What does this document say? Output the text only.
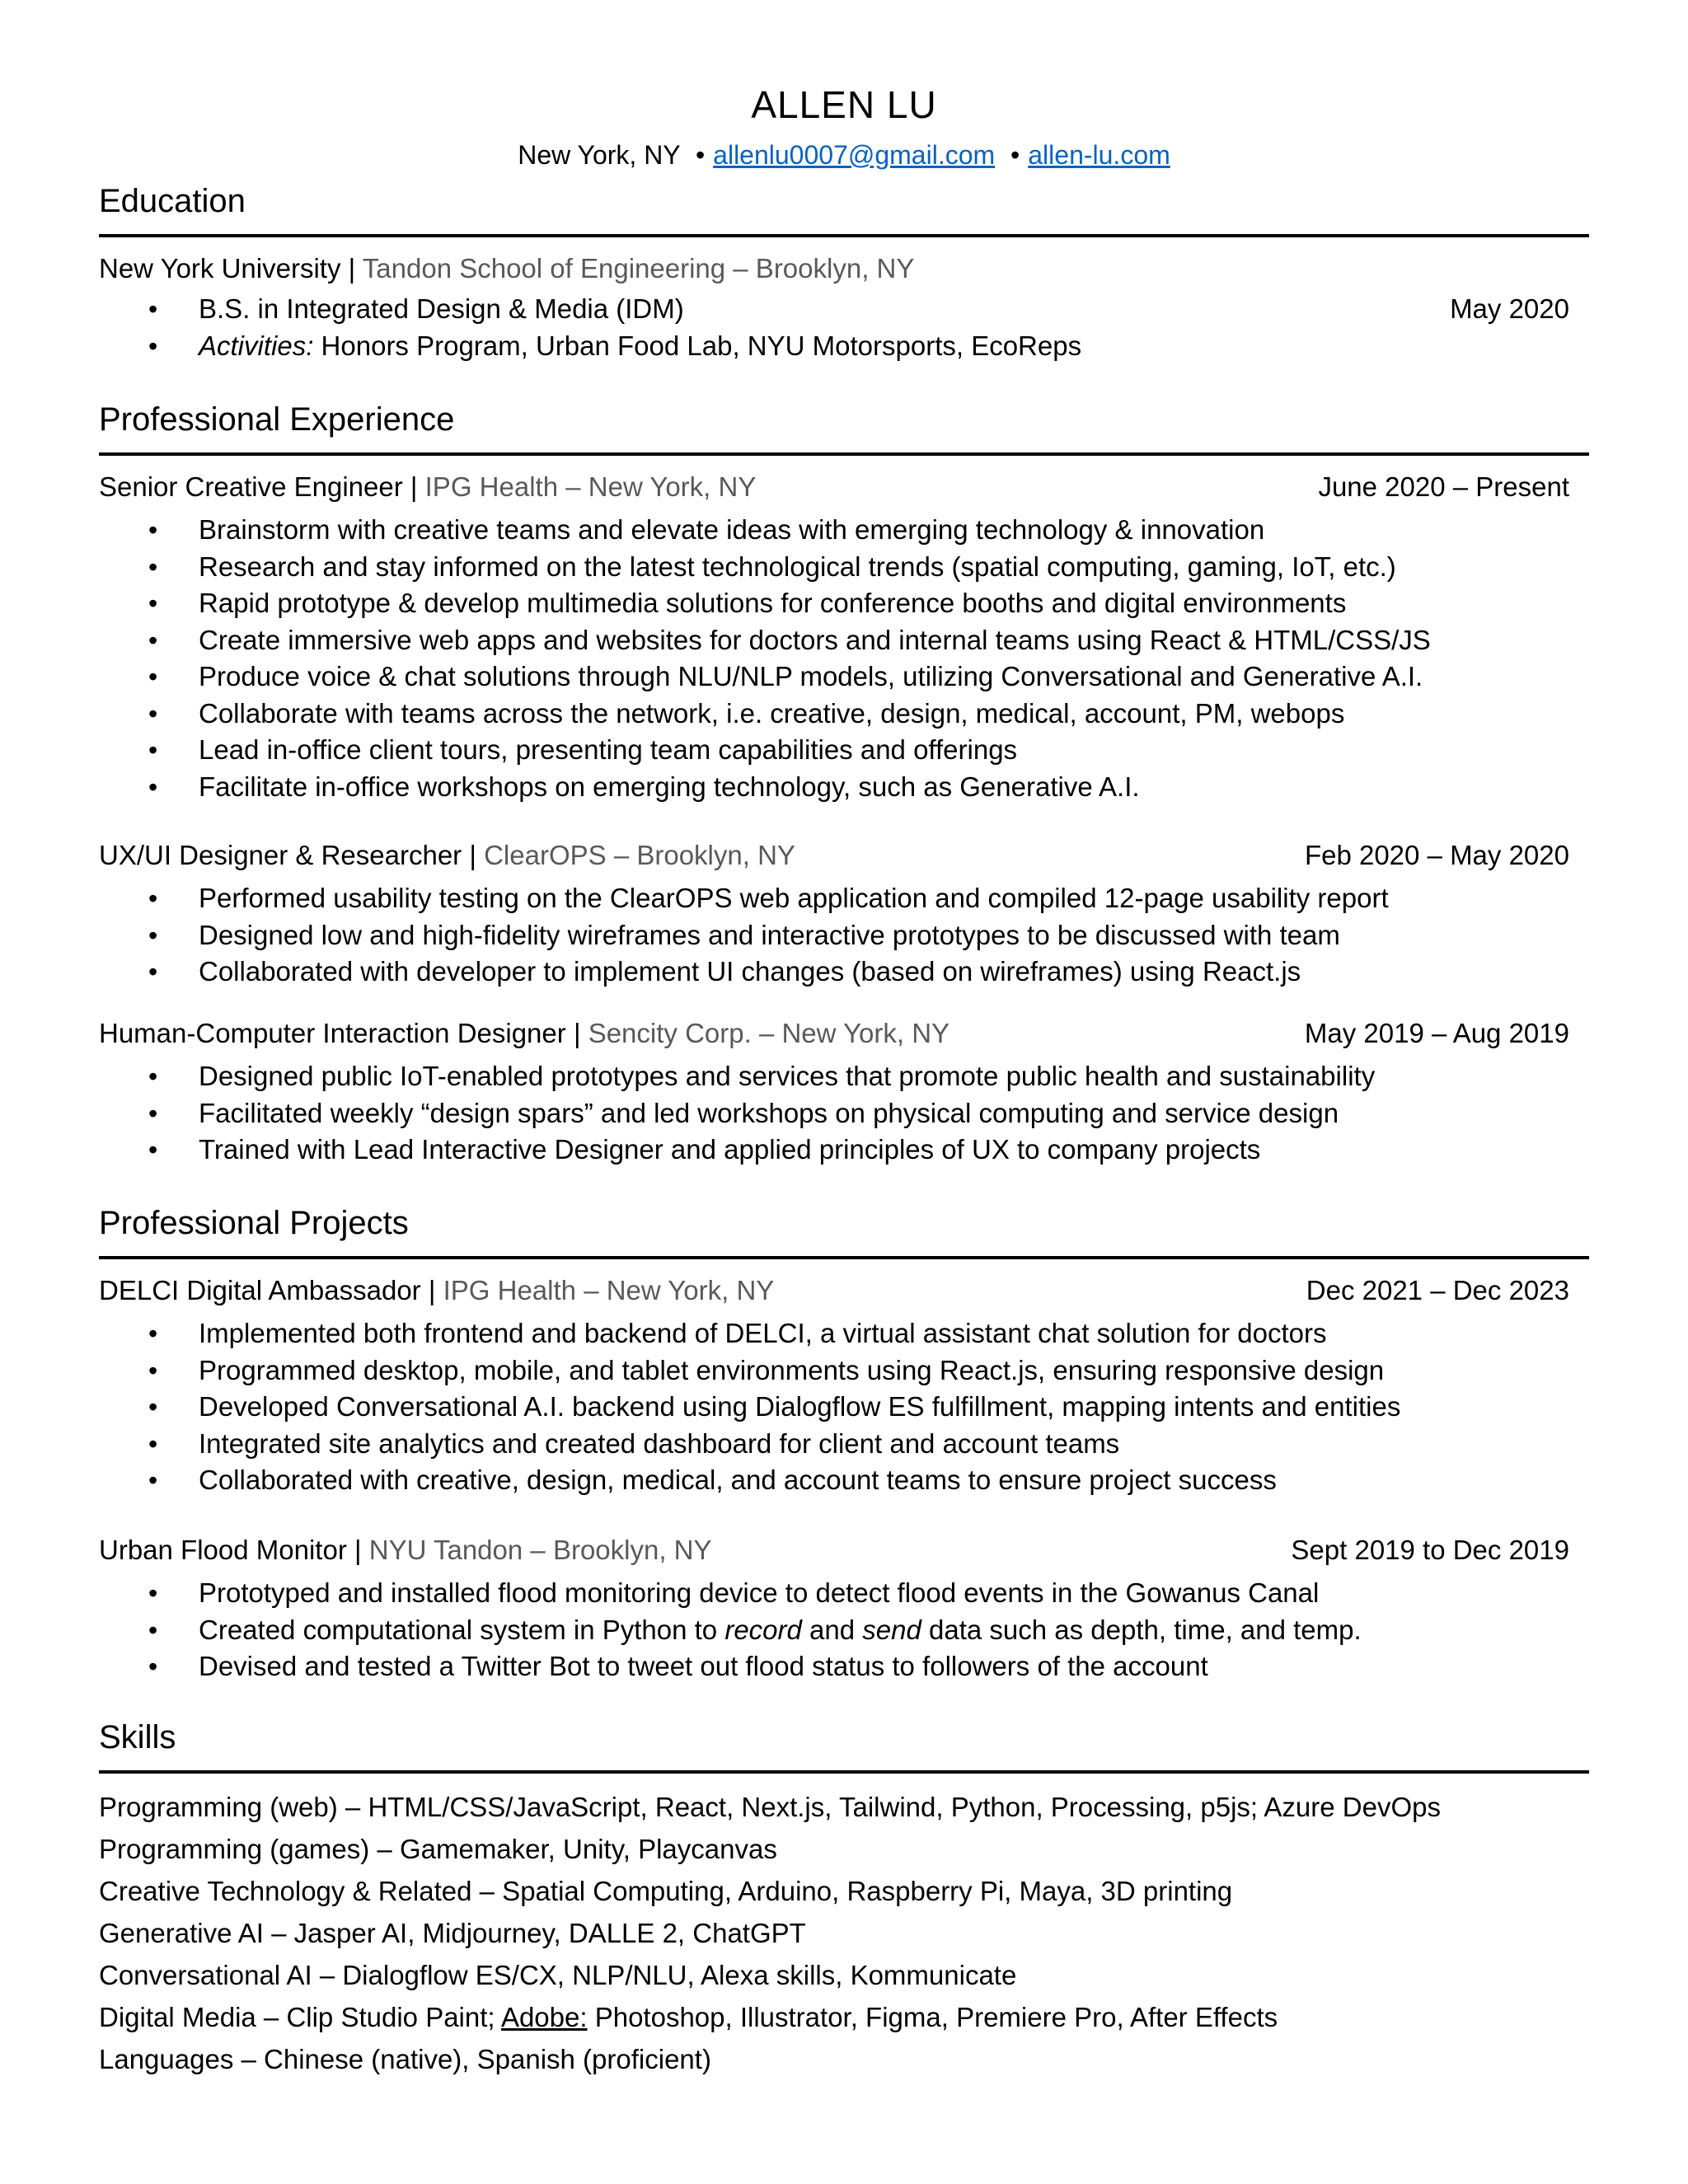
ALLEN LU
New York, NY • allenlu0007@gmail.com • allen-lu.com
Education
New York University | Tandon School of Engineering – Brooklyn, NY
• B.S. in Integrated Design & Media (IDM)	May 2020
• Activities: Honors Program, Urban Food Lab, NYU Motorsports, EcoReps
Professional Experience
Senior Creative Engineer | IPG Health – New York, NY	June 2020 – Present
• Brainstorm with creative teams and elevate ideas with emerging technology & innovation
• Research and stay informed on the latest technological trends (spatial computing, gaming, IoT, etc.)
• Rapid prototype & develop multimedia solutions for conference booths and digital environments
• Create immersive web apps and websites for doctors and internal teams using React & HTML/CSS/JS
• Produce voice & chat solutions through NLU/NLP models, utilizing Conversational and Generative A.I.
• Collaborate with teams across the network, i.e. creative, design, medical, account, PM, webops
• Lead in-office client tours, presenting team capabilities and offerings
• Facilitate in-office workshops on emerging technology, such as Generative A.I.
UX/UI Designer & Researcher | ClearOPS – Brooklyn, NY	Feb 2020 – May 2020
• Performed usability testing on the ClearOPS web application and compiled 12-page usability report
• Designed low and high-fidelity wireframes and interactive prototypes to be discussed with team
• Collaborated with developer to implement UI changes (based on wireframes) using React.js
Human-Computer Interaction Designer | Sencity Corp. – New York, NY	May 2019 – Aug 2019
• Designed public IoT-enabled prototypes and services that promote public health and sustainability
• Facilitated weekly “design spars” and led workshops on physical computing and service design
• Trained with Lead Interactive Designer and applied principles of UX to company projects
Professional Projects
DELCI Digital Ambassador | IPG Health – New York, NY	Dec 2021 – Dec 2023
• Implemented both frontend and backend of DELCI, a virtual assistant chat solution for doctors
• Programmed desktop, mobile, and tablet environments using React.js, ensuring responsive design
• Developed Conversational A.I. backend using Dialogflow ES fulfillment, mapping intents and entities
• Integrated site analytics and created dashboard for client and account teams
• Collaborated with creative, design, medical, and account teams to ensure project success
Urban Flood Monitor | NYU Tandon – Brooklyn, NY	Sept 2019 to Dec 2019
• Prototyped and installed flood monitoring device to detect flood events in the Gowanus Canal
• Created computational system in Python to record and send data such as depth, time, and temp.
• Devised and tested a Twitter Bot to tweet out flood status to followers of the account
Skills
Programming (web) – HTML/CSS/JavaScript, React, Next.js, Tailwind, Python, Processing, p5js; Azure DevOps
Programming (games) – Gamemaker, Unity, Playcanvas
Creative Technology & Related – Spatial Computing, Arduino, Raspberry Pi, Maya, 3D printing
Generative AI – Jasper AI, Midjourney, DALLE 2, ChatGPT
Conversational AI – Dialogflow ES/CX, NLP/NLU, Alexa skills, Kommunicate
Digital Media – Clip Studio Paint; Adobe: Photoshop, Illustrator, Figma, Premiere Pro, After Effects
Languages – Chinese (native), Spanish (proficient)
